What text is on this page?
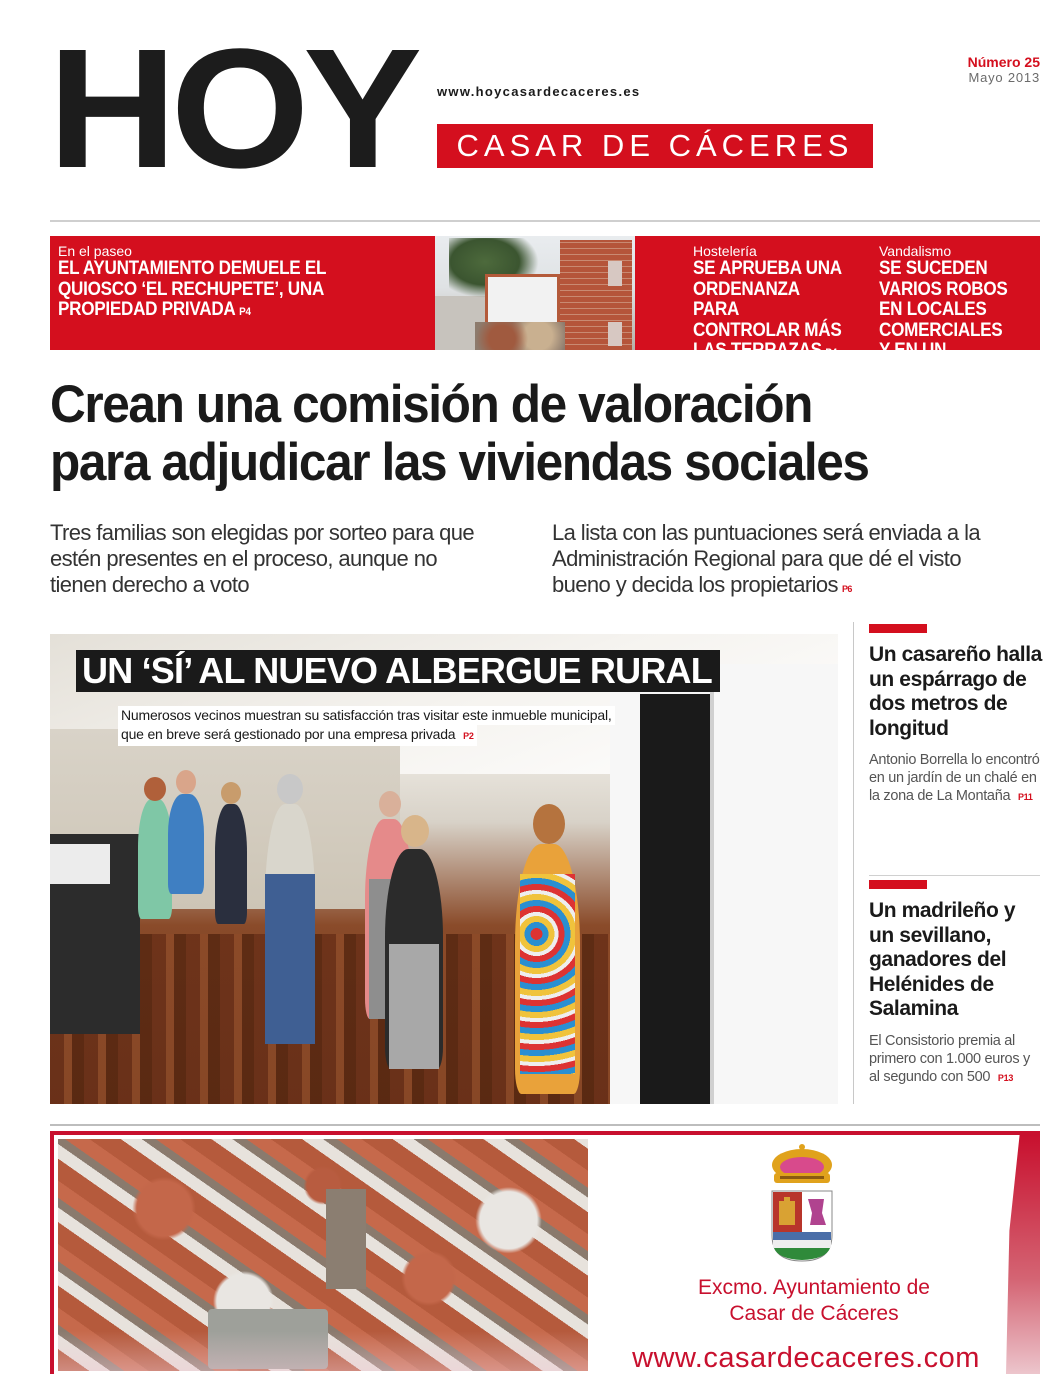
HOY www.hoycasardecaceres.es
CASAR DE CÁCERES
Número 25
Mayo 2013
En el paseo
EL AYUNTAMIENTO DEMUELE EL QUIOSCO ‘EL RECHUPETE’, UNA PROPIEDAD PRIVADA P4
Hostelería
SE APRUEBA UNA ORDENANZA PARA CONTROLAR MÁS LAS TERRAZAS P4
Vandalismo
SE SUCEDEN VARIOS ROBOS EN LOCALES COMERCIALES Y EN UN TURISMO P10
Crean una comisión de valoración
para adjudicar las viviendas sociales
Tres familias son elegidas por sorteo para que estén presentes en el proceso, aunque no tienen derecho a voto
La lista con las puntuaciones será enviada a la Administración Regional para que dé el visto bueno y decida los propietarios P6
UN ‘SÍ’ AL NUEVO ALBERGUE RURAL
Numerosos vecinos muestran su satisfacción tras visitar este inmueble municipal,
que en breve será gestionado por una empresa privada P2
Un casareño halla un espárrago de dos metros de longitud
Antonio Borrella lo encontró en un jardín de un chalé en la zona de La Montaña P11
Un madrileño y un sevillano, ganadores del Helénides de Salamina
El Consistorio premia al primero con 1.000 euros y al segundo con 500 P13
Excmo. Ayuntamiento de
Casar de Cáceres
www.casardecaceres.com
